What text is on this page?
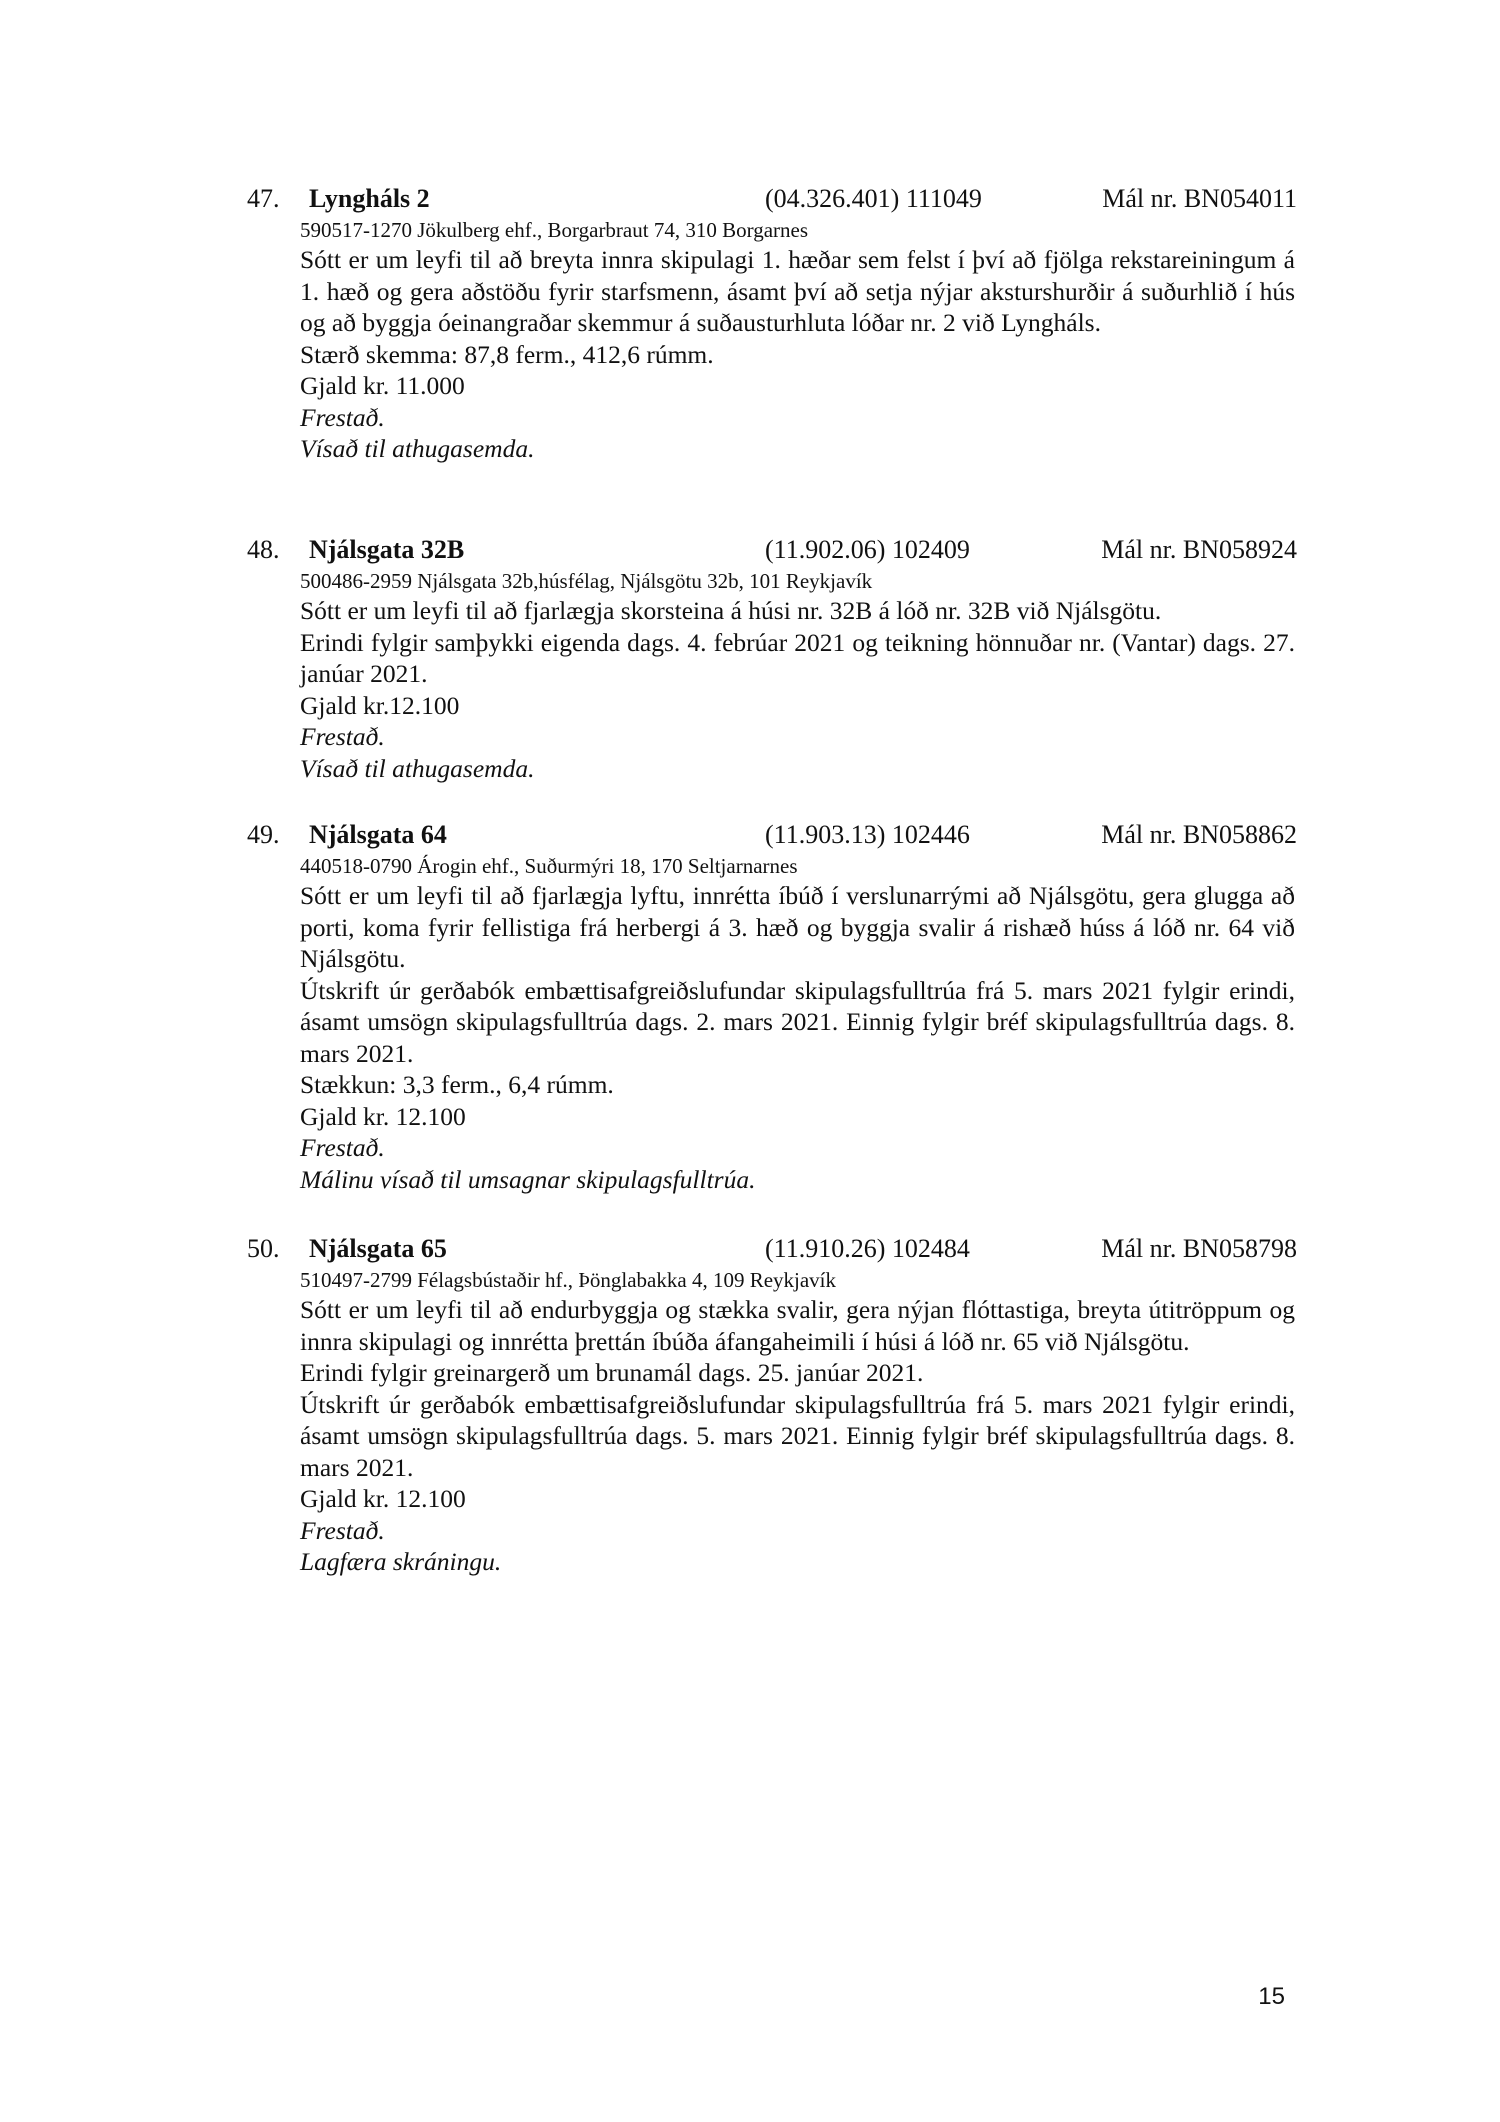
47. Lyngháls 2	(04.326.401) 111049	Mál nr. BN054011
590517-1270 Jökulberg ehf., Borgarbraut 74, 310 Borgarnes
Sótt er um leyfi til að breyta innra skipulagi 1. hæðar sem felst í því að fjölga rekstareiningum á 1. hæð og gera aðstöðu fyrir starfsmenn, ásamt því að setja nýjar aksturshurðir á suðurhlið í hús og að byggja óeinangraðar skemmur á suðausturhluta lóðar nr. 2 við Lyngháls.
Stærð skemma: 87,8 ferm., 412,6 rúmm.
Gjald kr. 11.000
Frestað.
Vísað til athugasemda.
48. Njálsgata 32B	(11.902.06) 102409	Mál nr. BN058924
500486-2959 Njálsgata 32b,húsfélag, Njálsgötu 32b, 101 Reykjavík
Sótt er um leyfi til að fjarlægja skorsteina á húsi nr. 32B á lóð nr. 32B við Njálsgötu.
Erindi fylgir samþykki eigenda dags. 4. febrúar 2021 og teikning hönnuðar nr. (Vantar) dags. 27. janúar 2021.
Gjald kr.12.100
Frestað.
Vísað til athugasemda.
49. Njálsgata 64	(11.903.13) 102446	Mál nr. BN058862
440518-0790 Árogin ehf., Suðurmýri 18, 170 Seltjarnarnes
Sótt er um leyfi til að fjarlægja lyftu, innrétta íbúð í verslunarrými að Njálsgötu, gera glugga að porti, koma fyrir fellistiga frá herbergi á 3. hæð og byggja svalir á rishæð húss á lóð nr. 64 við Njálsgötu.
Útskrift úr gerðabók embættisafgreiðslufundar skipulagsfulltrúa frá 5. mars 2021 fylgir erindi, ásamt umsögn skipulagsfulltrúa dags. 2. mars 2021. Einnig fylgir bréf skipulagsfulltrúa dags. 8. mars 2021.
Stækkun: 3,3 ferm., 6,4 rúmm.
Gjald kr. 12.100
Frestað.
Málinu vísað til umsagnar skipulagsfulltrúa.
50. Njálsgata 65	(11.910.26) 102484	Mál nr. BN058798
510497-2799 Félagsbústaðir hf., Þönglabakka 4, 109 Reykjavík
Sótt er um leyfi til að endurbyggja og stækka svalir, gera nýjan flóttastiga, breyta útitröppum og innra skipulagi og innrétta þrettán íbúða áfangaheimili í húsi á lóð nr. 65 við Njálsgötu.
Erindi fylgir greinargerð um brunamál dags. 25. janúar 2021.
Útskrift úr gerðabók embættisafgreiðslufundar skipulagsfulltrúa frá 5. mars 2021 fylgir erindi, ásamt umsögn skipulagsfulltrúa dags. 5. mars 2021. Einnig fylgir bréf skipulagsfulltrúa dags. 8. mars 2021.
Gjald kr. 12.100
Frestað.
Lagfæra skráningu.
15
